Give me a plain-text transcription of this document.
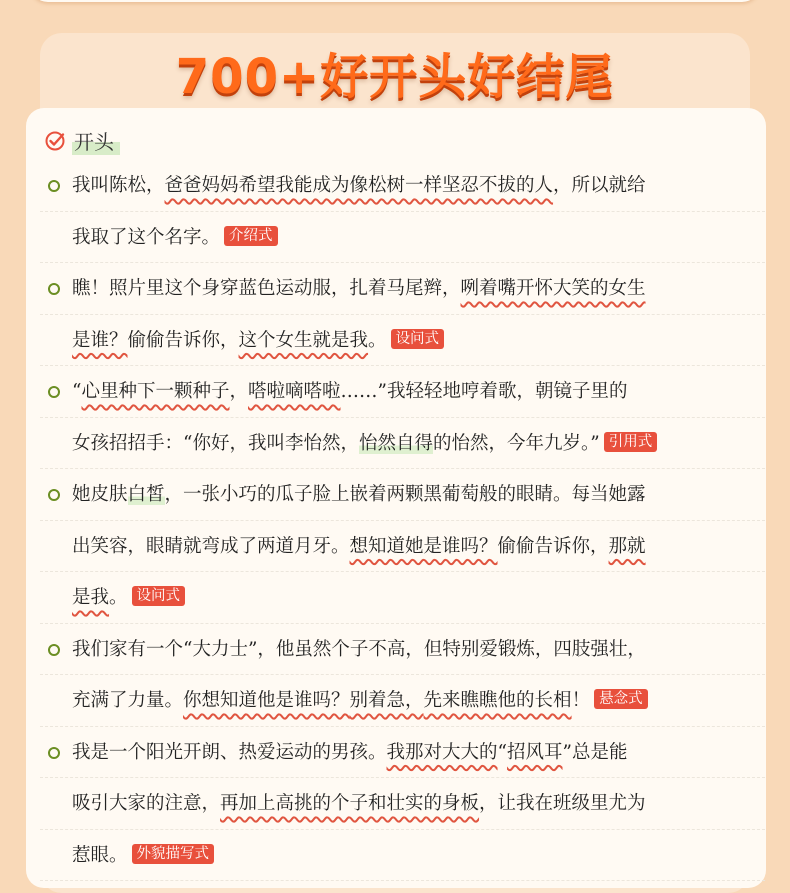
700+好开头好结尾
开头
我叫陈松，爸爸妈妈希望我能成为像松树一样坚忍不拔的人，所以就给
我取了这个名字。 介绍式
瞧！照片里这个身穿蓝色运动服，扎着马尾辫，咧着嘴开怀大笑的女生
是谁？偷偷告诉你，这个女生就是我。 设问式
“心里种下一颗种子，嗒啦嘀嗒啦……”我轻轻地哼着歌，朝镜子里的
女孩招招手：“你好，我叫李怡然，怡然自得的怡然，今年九岁。” 引用式
她皮肤白皙，一张小巧的瓜子脸上嵌着两颗黑葡萄般的眼睛。每当她露
出笑容，眼睛就弯成了两道月牙。想知道她是谁吗？偷偷告诉你，那就
是我。 设问式
我们家有一个“大力士”，他虽然个子不高，但特别爱锻炼，四肢强壮，
充满了力量。你想知道他是谁吗？别着急，先来瞧瞧他的长相！ 悬念式
我是一个阳光开朗、热爱运动的男孩。我那对大大的“招风耳”总是能
吸引大家的注意，再加上高挑的个子和壮实的身板，让我在班级里尤为
惹眼。 外貌描写式
